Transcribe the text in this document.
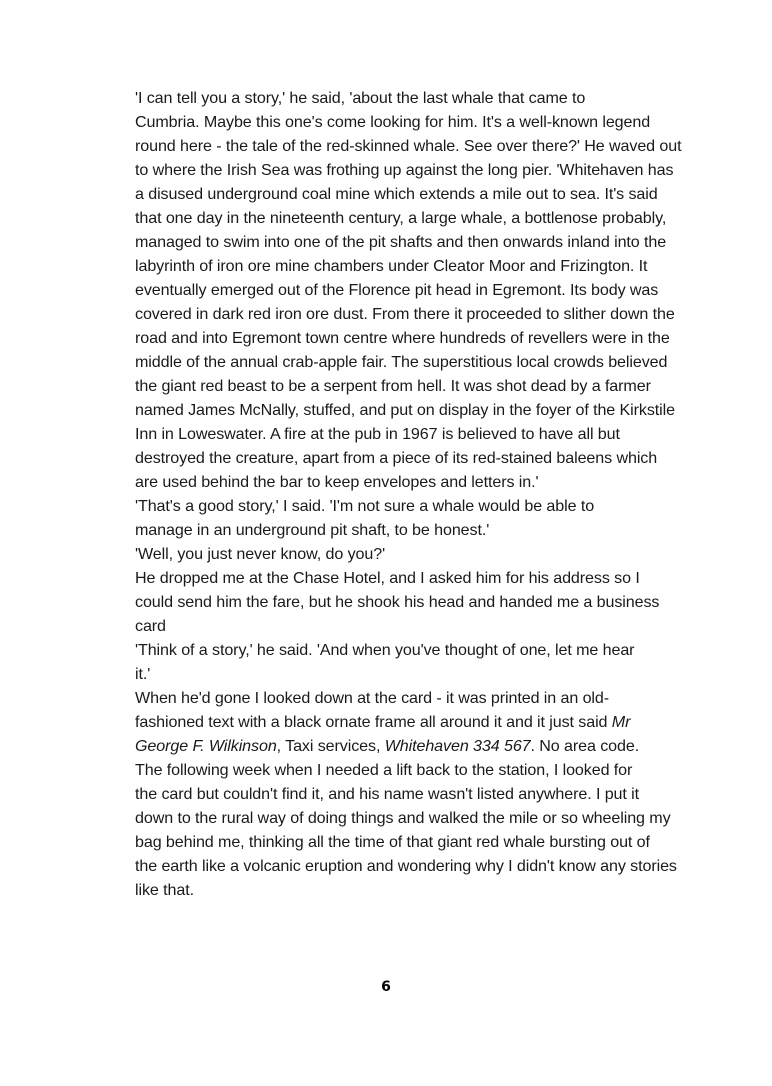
'I can tell you a story,' he said, 'about the last whale that came to
Cumbria. Maybe this one's come looking for him. It's a well-known legend
round here - the tale of the red-skinned whale. See over there?' He waved out
to where the Irish Sea was frothing up against the long pier. 'Whitehaven has
a disused underground coal mine which extends a mile out to sea. It's said
that one day in the nineteenth century, a large whale, a bottlenose probably,
managed to swim into one of the pit shafts and then onwards inland into the
labyrinth of iron ore mine chambers under Cleator Moor and Frizington. It
eventually emerged out of the Florence pit head in Egremont. Its body was
covered in dark red iron ore dust. From there it proceeded to slither down the
road and into Egremont town centre where hundreds of revellers were in the
middle of the annual crab-apple fair. The superstitious local crowds believed
the giant red beast to be a serpent from hell. It was shot dead by a farmer
named James McNally, stuffed, and put on display in the foyer of the Kirkstile
Inn in Loweswater. A fire at the pub in 1967 is believed to have all but
destroyed the creature, apart from a piece of its red-stained baleens which
are used behind the bar to keep envelopes and letters in.'

'That's a good story,' I said. 'I'm not sure a whale would be able to
manage in an underground pit shaft, to be honest.'

'Well, you just never know, do you?'

He dropped me at the Chase Hotel, and I asked him for his address so I
could send him the fare, but he shook his head and handed me a business
card

'Think of a story,' he said. 'And when you've thought of one, let me hear
it.'

When he'd gone I looked down at the card - it was printed in an old-
fashioned text with a black ornate frame all around it and it just said Mr
George F. Wilkinson, Taxi services, Whitehaven 334 567. No area code.

The following week when I needed a lift back to the station, I looked for
the card but couldn't find it, and his name wasn't listed anywhere. I put it
down to the rural way of doing things and walked the mile or so wheeling my
bag behind me, thinking all the time of that giant red whale bursting out of
the earth like a volcanic eruption and wondering why I didn't know any stories
like that.

6
